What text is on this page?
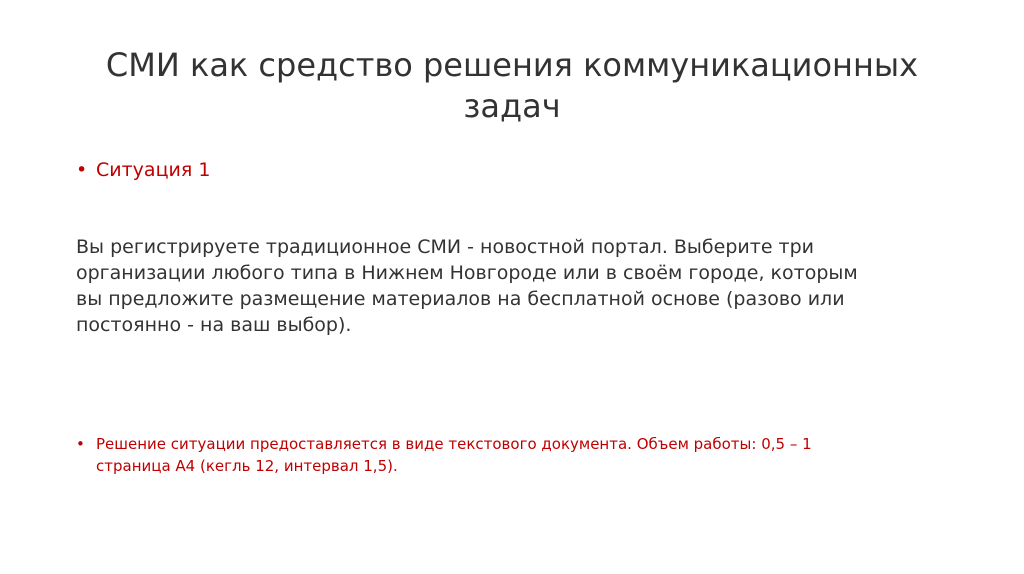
СМИ как средство решения коммуникационных
задач
• Ситуация 1

Вы регистрируете традиционное СМИ - новостной портал. Выберите три
организации любого типа в Нижнем Новгороде или в своём городе, которым
вы предложите размещение материалов на бесплатной основе (разово или
постоянно - на ваш выбор).

• Решение ситуации предоставляется в виде текстового документа. Объем работы: 0,5 – 1
страница А4 (кегль 12, интервал 1,5).
